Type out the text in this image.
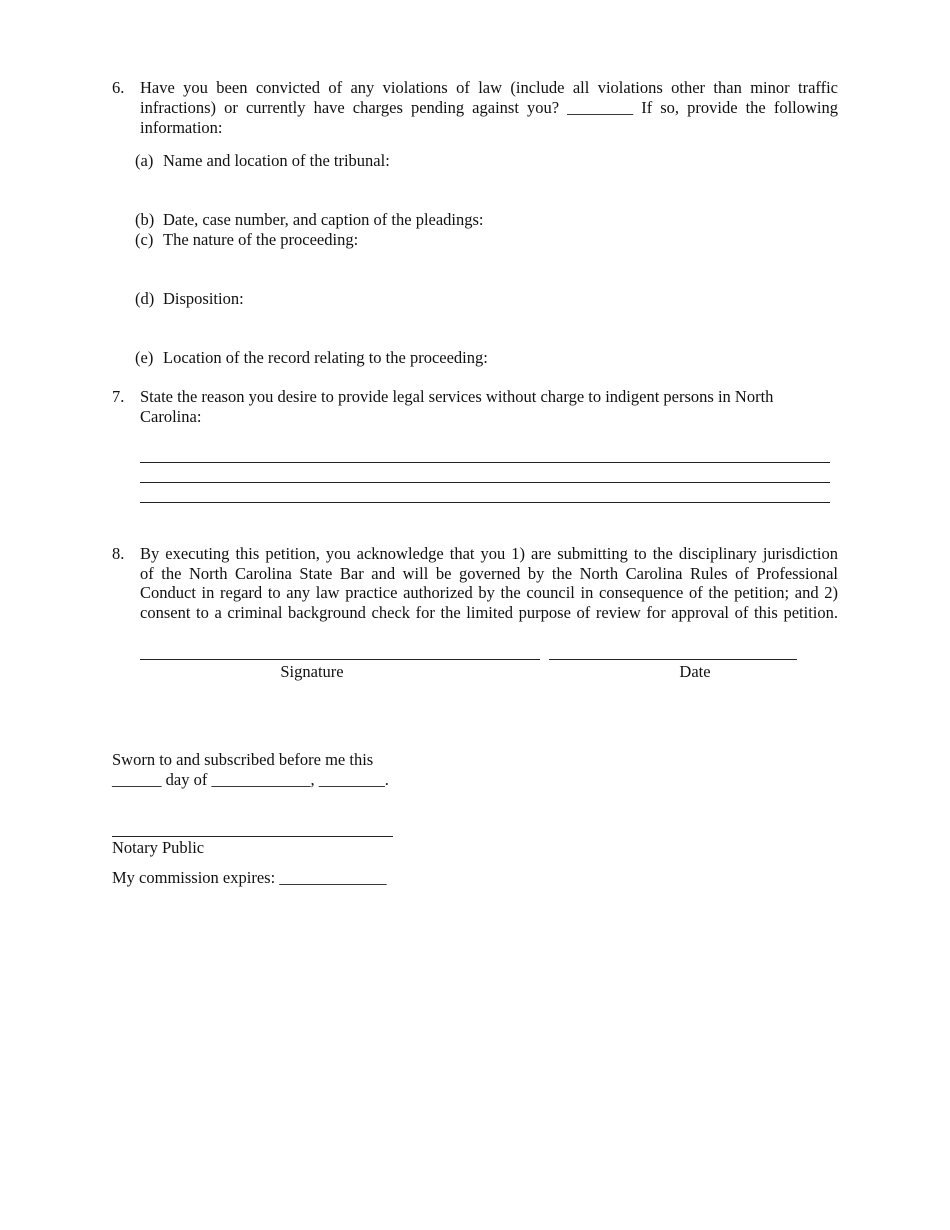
6. Have you been convicted of any violations of law (include all violations other than minor traffic
infractions) or currently have charges pending against you? ________ If so, provide the following
information:
(a) Name and location of the tribunal:
(b) Date, case number, and caption of the pleadings:
(c) The nature of the proceeding:
(d) Disposition:
(e) Location of the record relating to the proceeding:
7. State the reason you desire to provide legal services without charge to indigent persons in North
Carolina:
8. By executing this petition, you acknowledge that you 1) are submitting to the disciplinary jurisdiction
of the North Carolina State Bar and will be governed by the North Carolina Rules of Professional
Conduct in regard to any law practice authorized by the council in consequence of the petition; and 2)
consent to a criminal background check for the limited purpose of review for approval of this petition.
Signature	Date
Sworn to and subscribed before me this
______ day of ____________, ________.
Notary Public
My commission expires: _____________
